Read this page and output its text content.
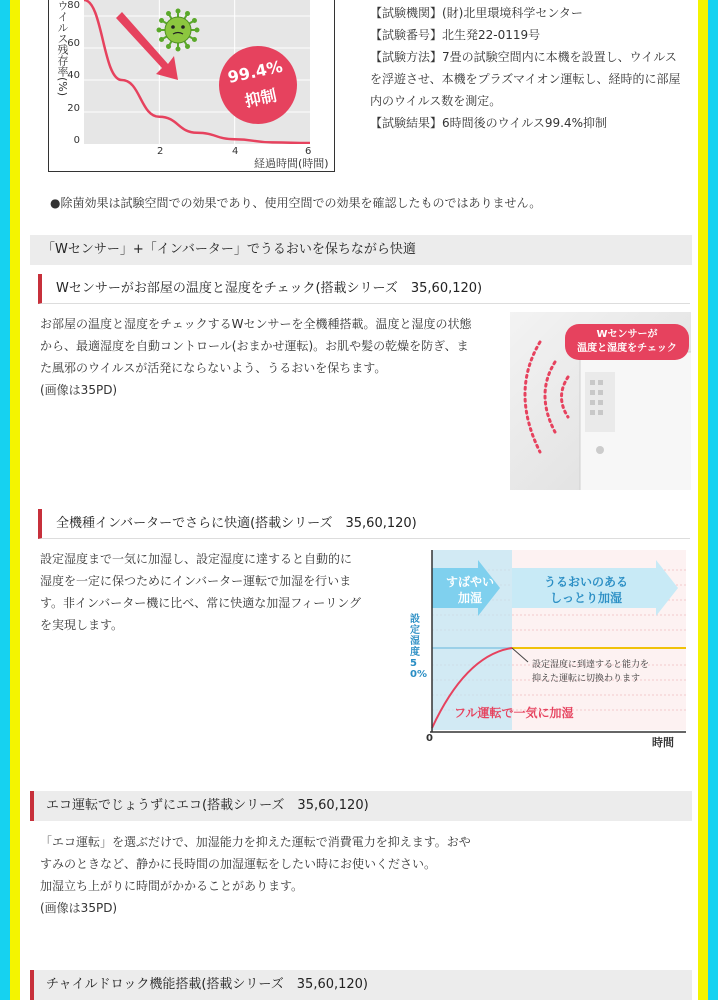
ウイルス残存率(%)
80
60
40
20
0
2	4	6
経過時間(時間)
99.4%
抑制
【試験機関】(財)北里環境科学センター
【試験番号】北生発22-0119号
【試験方法】7畳の試験空間内に本機を設置し、ウイルス
を浮遊させ、本機をプラズマイオン運転し、経時的に部屋
内のウイルス数を測定。
【試験結果】6時間後のウイルス99.4%抑制
●除菌効果は試験空間での効果であり、使用空間での効果を確認したものではありません。
「Wセンサー」+「インバーター」でうるおいを保ちながら快適
Wセンサーがお部屋の温度と湿度をチェック(搭載シリーズ　35,60,120)
お部屋の温度と湿度をチェックするWセンサーを全機種搭載。温度と湿度の状態
から、最適湿度を自動コントロール(おまかせ運転)。お肌や髪の乾燥を防ぎ、ま
た風邪のウイルスが活発にならないよう、うるおいを保ちます。
(画像は35PD)
Wセンサーが
温度と湿度をチェック
全機種インバーターでさらに快適(搭載シリーズ　35,60,120)
設定湿度まで一気に加湿し、設定湿度に達すると自動的に
湿度を一定に保つためにインバーター運転で加湿を行いま
す。非インバーター機に比べ、常に快適な加湿フィーリング
を実現します。
すばやい
加湿
うるおいのある
しっとり加湿
設定湿度50%
設定湿度に到達すると能力を
抑えた運転に切換わります
フル運転で一気に加湿
0	時間
エコ運転でじょうずにエコ(搭載シリーズ　35,60,120)
「エコ運転」を選ぶだけで、加湿能力を抑えた運転で消費電力を抑えます。おや
すみのときなど、静かに長時間の加湿運転をしたい時にお使いください。
加湿立ち上がりに時間がかかることがあります。
(画像は35PD)
チャイルドロック機能搭載(搭載シリーズ　35,60,120)
